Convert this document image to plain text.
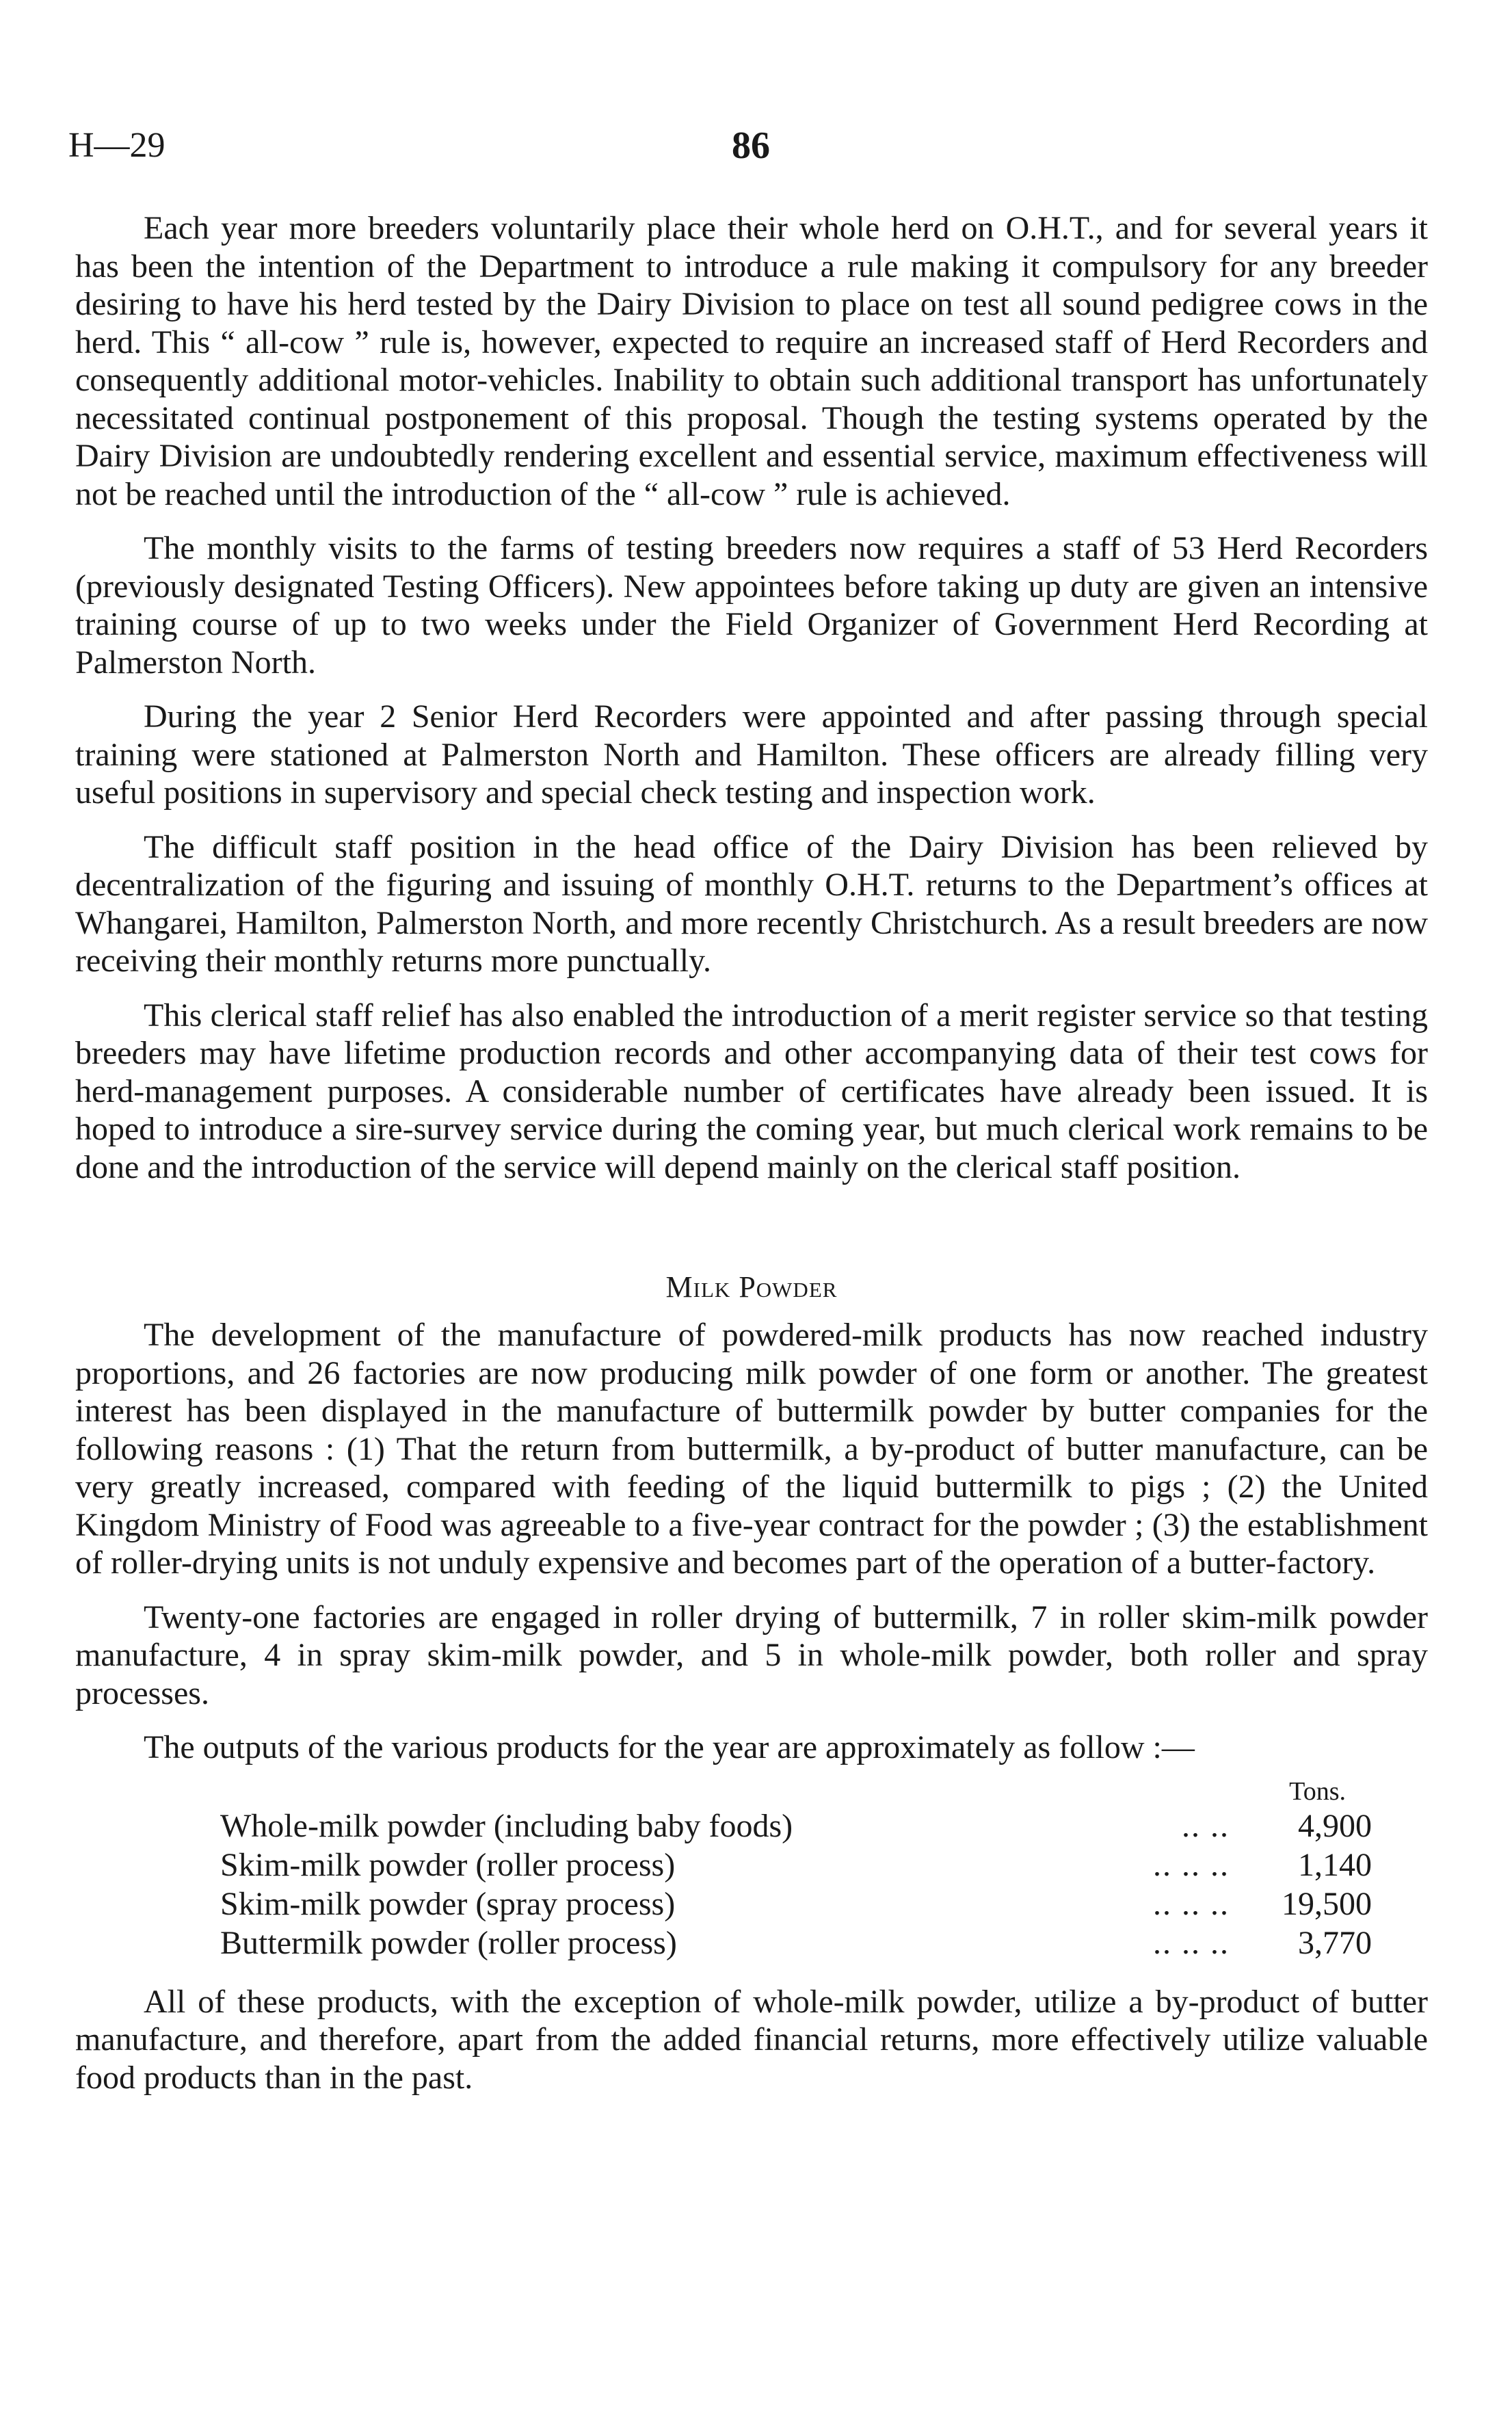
H—29	86

Each year more breeders voluntarily place their whole herd on O.H.T., and for several years it has been the intention of the Department to introduce a rule making it compulsory for any breeder desiring to have his herd tested by the Dairy Division to place on test all sound pedigree cows in the herd. This “ all-cow ” rule is, however, expected to require an increased staff of Herd Recorders and consequently additional motor-vehicles. Inability to obtain such additional transport has unfortunately necessitated continual postponement of this proposal. Though the testing systems operated by the Dairy Division are undoubtedly rendering excellent and essential service, maximum effectiveness will not be reached until the introduction of the “ all-cow ” rule is achieved.

The monthly visits to the farms of testing breeders now requires a staff of 53 Herd Recorders (previously designated Testing Officers). New appointees before taking up duty are given an intensive training course of up to two weeks under the Field Organizer of Government Herd Recording at Palmerston North.

During the year 2 Senior Herd Recorders were appointed and after passing through special training were stationed at Palmerston North and Hamilton. These officers are already filling very useful positions in supervisory and special check testing and inspection work.

The difficult staff position in the head office of the Dairy Division has been relieved by decentralization of the figuring and issuing of monthly O.H.T. returns to the Department’s offices at Whangarei, Hamilton, Palmerston North, and more recently Christchurch. As a result breeders are now receiving their monthly returns more punctually.

This clerical staff relief has also enabled the introduction of a merit register service so that testing breeders may have lifetime production records and other accompanying data of their test cows for herd-management purposes. A considerable number of certificates have already been issued. It is hoped to introduce a sire-survey service during the coming year, but much clerical work remains to be done and the introduction of the service will depend mainly on the clerical staff position.

Milk Powder

The development of the manufacture of powdered-milk products has now reached industry proportions, and 26 factories are now producing milk powder of one form or another. The greatest interest has been displayed in the manufacture of buttermilk powder by butter companies for the following reasons : (1) That the return from buttermilk, a by-product of butter manufacture, can be very greatly increased, compared with feeding of the liquid buttermilk to pigs ; (2) the United Kingdom Ministry of Food was agreeable to a five-year contract for the powder ; (3) the establishment of roller-drying units is not unduly expensive and becomes part of the operation of a butter-factory.

Twenty-one factories are engaged in roller drying of buttermilk, 7 in roller skim-milk powder manufacture, 4 in spray skim-milk powder, and 5 in whole-milk powder, both roller and spray processes.

The outputs of the various products for the year are approximately as follow :—

Tons.
Whole-milk powder (including baby foods)	.. ..	4,900
Skim-milk powder (roller process)	.. .. ..	1,140
Skim-milk powder (spray process)	.. .. ..	19,500
Buttermilk powder (roller process)	.. .. ..	3,770

All of these products, with the exception of whole-milk powder, utilize a by-product of butter manufacture, and therefore, apart from the added financial returns, more effectively utilize valuable food products than in the past.
